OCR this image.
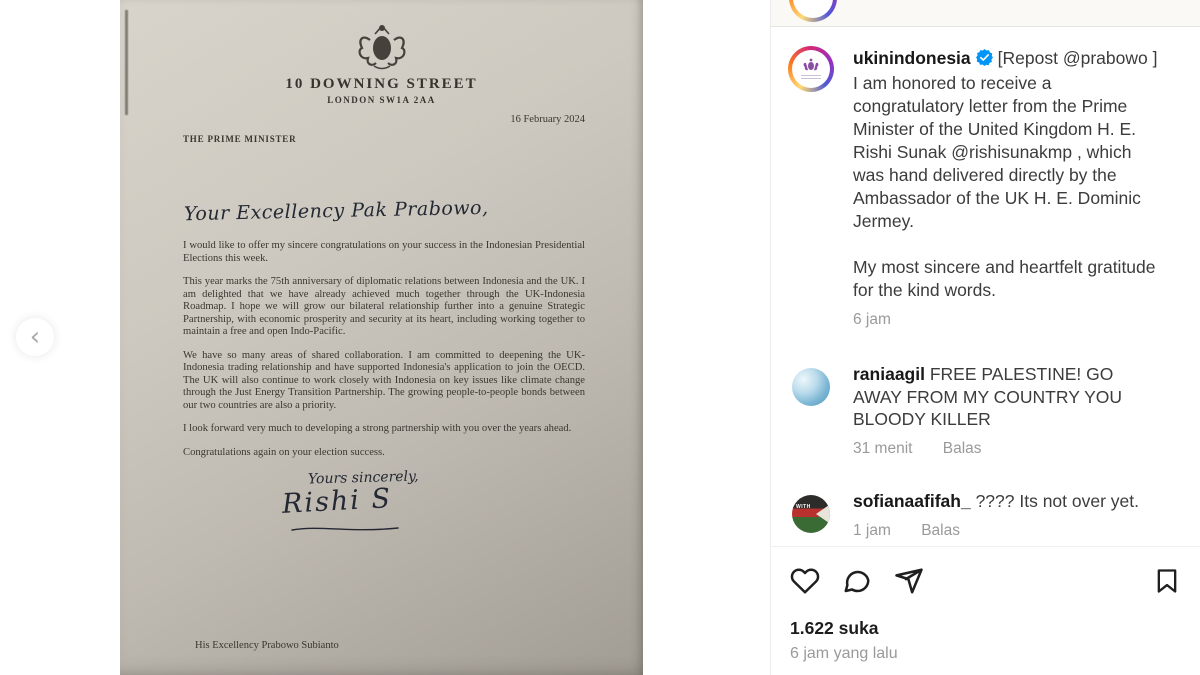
‹
10 DOWNING STREET
LONDON SW1A 2AA
16 February 2024
THE PRIME MINISTER
Your Excellency Pak Prabowo,

I would like to offer my sincere congratulations on your success in the Indonesian Presidential Elections this week.

This year marks the 75th anniversary of diplomatic relations between Indonesia and the UK. I am delighted that we have already achieved much together through the UK-Indonesia Roadmap. I hope we will grow our bilateral relationship further into a genuine Strategic Partnership, with economic prosperity and security at its heart, including working together to maintain a free and open Indo-Pacific.

We have so many areas of shared collaboration. I am committed to deepening the UK-Indonesia trading relationship and have supported Indonesia's application to join the OECD. The UK will also continue to work closely with Indonesia on key issues like climate change through the Just Energy Transition Partnership. The growing people-to-people bonds between our two countries are also a priority.

I look forward very much to developing a strong partnership with you over the years ahead.

Congratulations again on your election success.

Yours sincerely,
Rishi S
His Excellency Prabowo Subianto
ukinindonesia [Repost @prabowo ] I am honored to receive a congratulatory letter from the Prime Minister of the United Kingdom H. E. Rishi Sunak @rishisunakmp , which was hand delivered directly by the Ambassador of the UK H. E. Dominic Jermey.
My most sincere and heartfelt gratitude for the kind words.
6 jam
raniaagil FREE PALESTINE! GO AWAY FROM MY COUNTRY YOU BLOODY KILLER
31 menit Balas
WITH sofianaafifah_ ???? Its not over yet.
1 jam Balas
1.622 suka
6 jam yang lalu
